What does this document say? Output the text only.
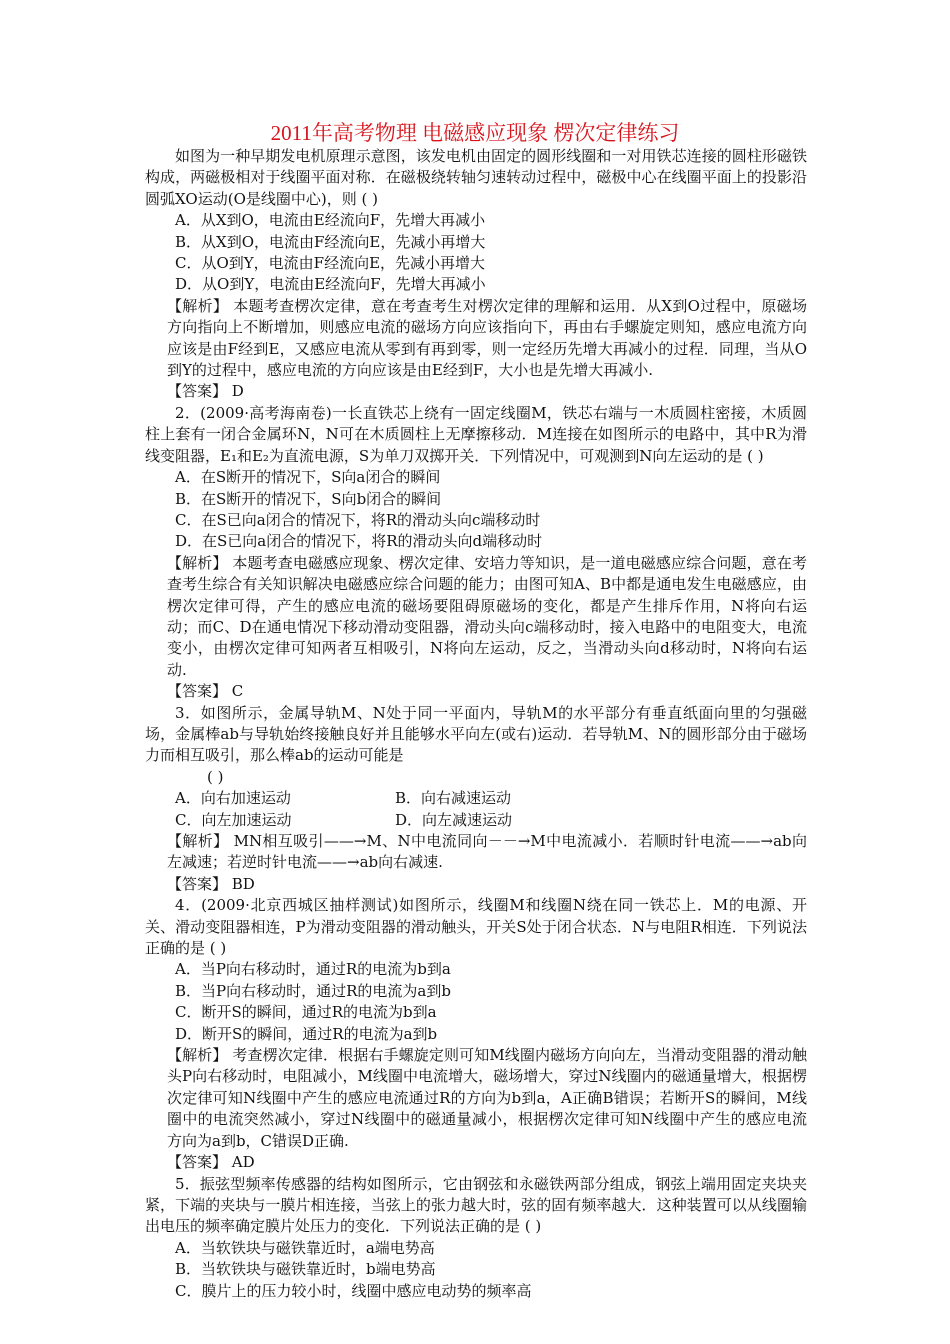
2011年高考物理 电磁感应现象 楞次定律练习

如图为一种早期发电机原理示意图，该发电机由固定的圆形线圈和一对用铁芯连接的圆柱形磁铁构成，两磁极相对于线圈平面对称．在磁极绕转轴匀速转动过程中，磁极中心在线圈平面上的投影沿圆弧XO运动(O是线圈中心)，则 ( )

A．从X到O，电流由E经流向F，先增大再减小

B．从X到O，电流由F经流向E，先减小再增大

C．从O到Y，电流由F经流向E，先减小再增大

D．从O到Y，电流由E经流向F，先增大再减小

【解析】 本题考查楞次定律，意在考查考生对楞次定律的理解和运用．从X到O过程中，原磁场方向指向上不断增加，则感应电流的磁场方向应该指向下，再由右手螺旋定则知，感应电流方向应该是由F经到E，又感应电流从零到有再到零，则一定经历先增大再减小的过程．同理，当从O到Y的过程中，感应电流的方向应该是由E经到F，大小也是先增大再减小.

【答案】 D

2．(2009·高考海南卷)一长直铁芯上绕有一固定线圈M，铁芯右端与一木质圆柱密接，木质圆柱上套有一闭合金属环N，N可在木质圆柱上无摩擦移动．M连接在如图所示的电路中，其中R为滑线变阻器，E₁和E₂为直流电源，S为单刀双掷开关．下列情况中，可观测到N向左运动的是 ( )

A．在S断开的情况下，S向a闭合的瞬间

B．在S断开的情况下，S向b闭合的瞬间

C．在S已向a闭合的情况下，将R的滑动头向c端移动时

D．在S已向a闭合的情况下，将R的滑动头向d端移动时

【解析】 本题考查电磁感应现象、楞次定律、安培力等知识，是一道电磁感应综合问题，意在考查考生综合有关知识解决电磁感应综合问题的能力；由图可知A、B中都是通电发生电磁感应，由楞次定律可得，产生的感应电流的磁场要阻碍原磁场的变化，都是产生排斥作用，N将向右运动；而C、D在通电情况下移动滑动变阻器，滑动头向c端移动时，接入电路中的电阻变大，电流变小，由楞次定律可知两者互相吸引，N将向左运动，反之，当滑动头向d移动时，N将向右运动.

【答案】 C

3．如图所示，金属导轨M、N处于同一平面内，导轨M的水平部分有垂直纸面向里的匀强磁场，金属棒ab与导轨始终接触良好并且能够水平向左(或右)运动．若导轨M、N的圆形部分由于磁场力而相互吸引，那么棒ab的运动可能是

( )

A．向右加速运动	B．向右减速运动

C．向左加速运动	D．向左减速运动

【解析】 MN相互吸引——→M、N中电流同向－－→M中电流减小．若顺时针电流——→ab向左减速；若逆时针电流——→ab向右减速.

【答案】 BD

4．(2009·北京西城区抽样测试)如图所示，线圈M和线圈N绕在同一铁芯上．M的电源、开关、滑动变阻器相连，P为滑动变阻器的滑动触头，开关S处于闭合状态．N与电阻R相连．下列说法正确的是 ( )

A．当P向右移动时，通过R的电流为b到a

B．当P向右移动时，通过R的电流为a到b

C．断开S的瞬间，通过R的电流为b到a

D．断开S的瞬间，通过R的电流为a到b

【解析】 考查楞次定律．根据右手螺旋定则可知M线圈内磁场方向向左，当滑动变阻器的滑动触头P向右移动时，电阻减小，M线圈中电流增大，磁场增大，穿过N线圈内的磁通量增大，根据楞次定律可知N线圈中产生的感应电流通过R的方向为b到a，A正确B错误；若断开S的瞬间，M线圈中的电流突然减小，穿过N线圈中的磁通量减小，根据楞次定律可知N线圈中产生的感应电流方向为a到b，C错误D正确.

【答案】 AD

5．振弦型频率传感器的结构如图所示，它由钢弦和永磁铁两部分组成，钢弦上端用固定夹块夹紧，下端的夹块与一膜片相连接，当弦上的张力越大时，弦的固有频率越大．这种装置可以从线圈输出电压的频率确定膜片处压力的变化．下列说法正确的是 ( )

A．当软铁块与磁铁靠近时，a端电势高

B．当软铁块与磁铁靠近时，b端电势高

C．膜片上的压力较小时，线圈中感应电动势的频率高
